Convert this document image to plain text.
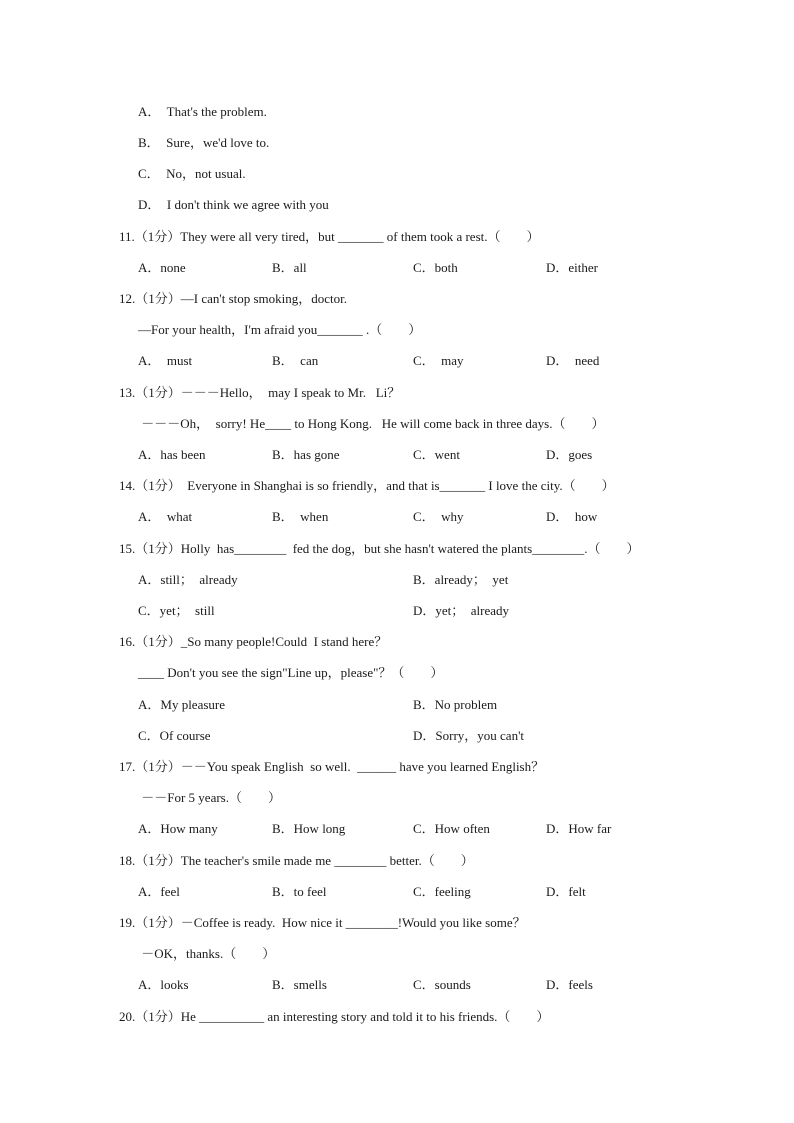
A．  That's the problem.
B．  Sure，we'd love to.
C．  No，not usual.
D．  I don't think we agree with you
11.（1分）They were all very tired，but _______ of them took a rest.（　　）
A．none	B．all	C．both	D．either
12.（1分）—I can't stop smoking，doctor.
—For your health，I'm afraid you_______ .（　　）
A．  must	B．  can	C．  may	D．  need
13.（1分）－－－Hello，  may I speak to Mr.   Li？
－－－Oh，  sorry! He____ to Hong Kong.   He will come back in three days.（　　）
A．has been	B．has gone	C．went	D．goes
14.（1分）  Everyone in Shanghai is so friendly，and that is_______ I love the city.（　　）
A．  what	B．  when	C．  why	D．  how
15.（1分）Holly  has________  fed the dog，but she hasn't watered the plants________.（　　）
A．still；  already	B．already；  yet
C．yet；  still	D．yet；  already
16.（1分）_So many people!Could  I stand here？
____ Don't you see the sign"Line up，please"？（　　）
A．My pleasure	B．No problem
C．Of course	D．Sorry，you can't
17.（1分）－－You speak English  so well.  ______ have you learned English？
－－For 5 years.（　　）
A．How many	B．How long	C．How often	D．How far
18.（1分）The teacher's smile made me ________ better.（　　）
A．feel	B．to feel	C．feeling	D．felt
19.（1分）－Coffee is ready.  How nice it ________!Would you like some？
－OK，thanks.（　　）
A．looks	B．smells	C．sounds	D．feels
20.（1分）He __________ an interesting story and told it to his friends.（　　）
